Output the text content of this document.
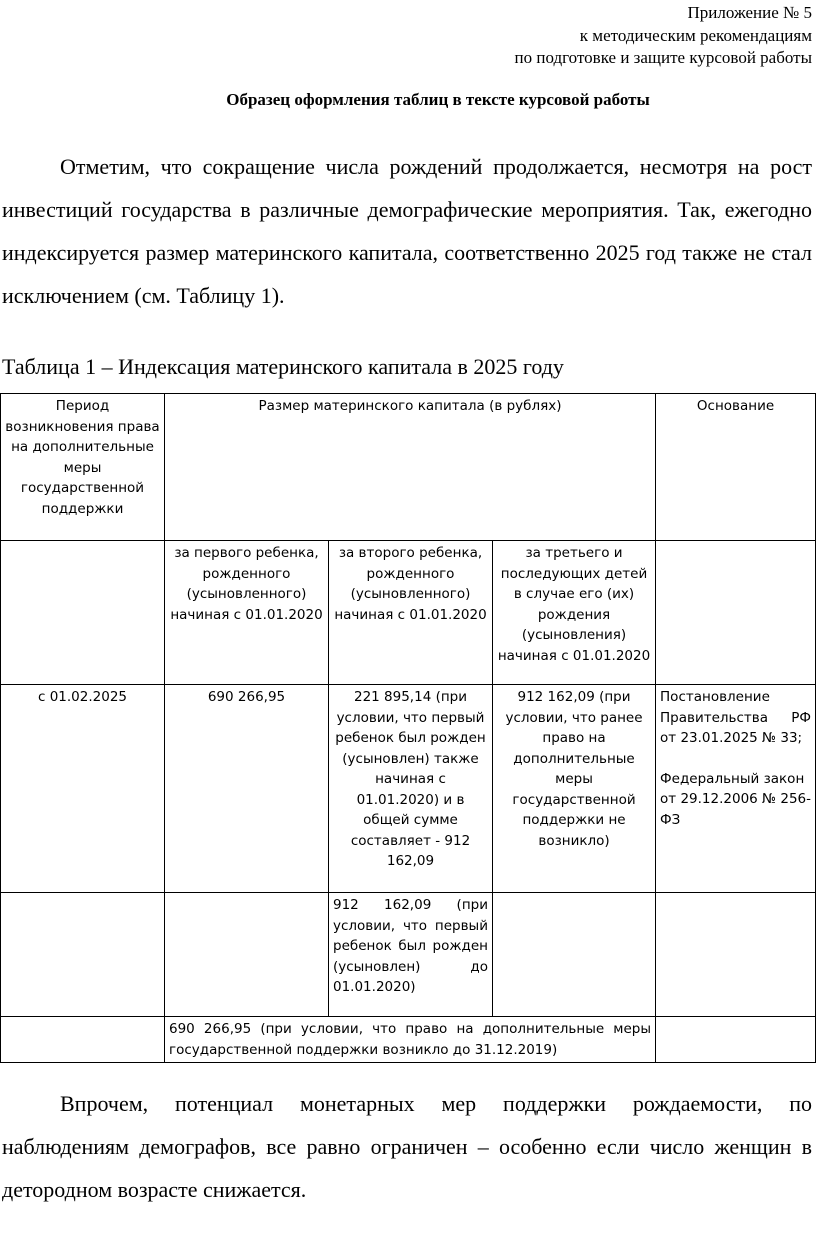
Приложение № 5
к методическим рекомендациям
по подготовке и защите курсовой работы
Образец оформления таблиц в тексте курсовой работы

Отметим, что сокращение числа рождений продолжается, несмотря на рост инвестиций государства в различные демографические мероприятия. Так, ежегодно индексируется размер материнского капитала, соответственно 2025 год также не стал исключением (см. Таблицу 1).

Таблица 1 – Индексация материнского капитала в 2025 году
Период возникновения права на дополнительные меры государственной поддержки	Размер материнского капитала (в рублях)			Основание
	за первого ребенка, рожденного (усыновленного) начиная с 01.01.2020	за второго ребенка, рожденного (усыновленного) начиная с 01.01.2020	за третьего и последующих детей в случае его (их) рождения (усыновления) начиная с 01.01.2020	
с 01.02.2025	690 266,95	221 895,14 (при условии, что первый ребенок был рожден (усыновлен) также начиная с 01.01.2020) и в общей сумме составляет - 912 162,09	912 162,09 (при условии, что ранее право на дополнительные меры государственной поддержки не возникло)	Постановление Правительства РФ от 23.01.2025 № 33;
Федеральный закон от 29.12.2006 № 256-ФЗ

		912 162,09 (при условии, что первый ребенок был рожден (усыновлен) до 01.01.2020)		

	690 266,95 (при условии, что право на дополнительные меры государственной поддержки возникло до 31.12.2019)			

Впрочем, потенциал монетарных мер поддержки рождаемости, по наблюдениям демографов, все равно ограничен – особенно если число женщин в детородном возрасте снижается.
